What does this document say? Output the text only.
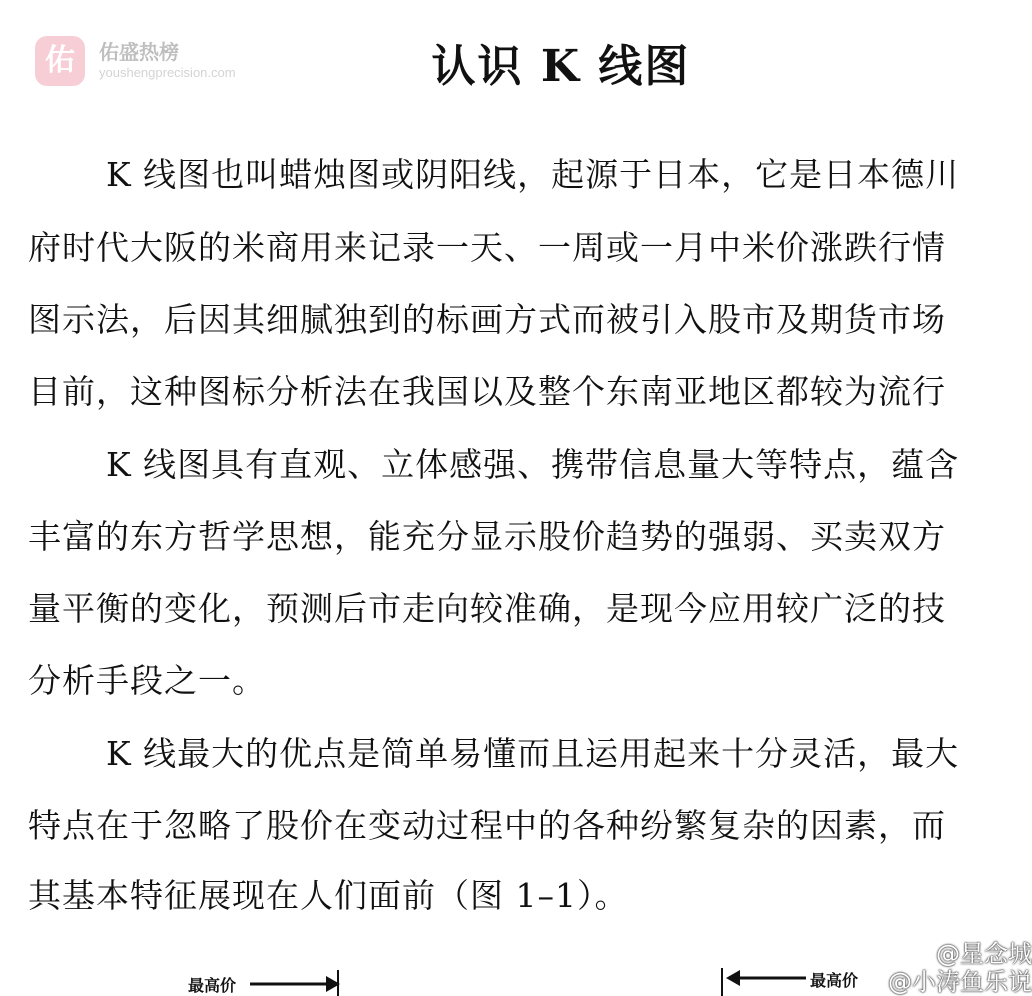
佑	佑盛热榜
youshengprecision.com	认识 K 线图
K 线图也叫蜡烛图或阴阳线，起源于日本，它是日本德川
府时代大阪的米商用来记录一天、一周或一月中米价涨跌行情
图示法，后因其细腻独到的标画方式而被引入股市及期货市场
目前，这种图标分析法在我国以及整个东南亚地区都较为流行
K 线图具有直观、立体感强、携带信息量大等特点，蕴含
丰富的东方哲学思想，能充分显示股价趋势的强弱、买卖双方
量平衡的变化，预测后市走向较准确，是现今应用较广泛的技
分析手段之一。
K 线最大的优点是简单易懂而且运用起来十分灵活，最大
特点在于忽略了股价在变动过程中的各种纷繁复杂的因素，而
其基本特征展现在人们面前（图 1–1）。
最高价	最高价
@星念城
@小涛鱼乐说
